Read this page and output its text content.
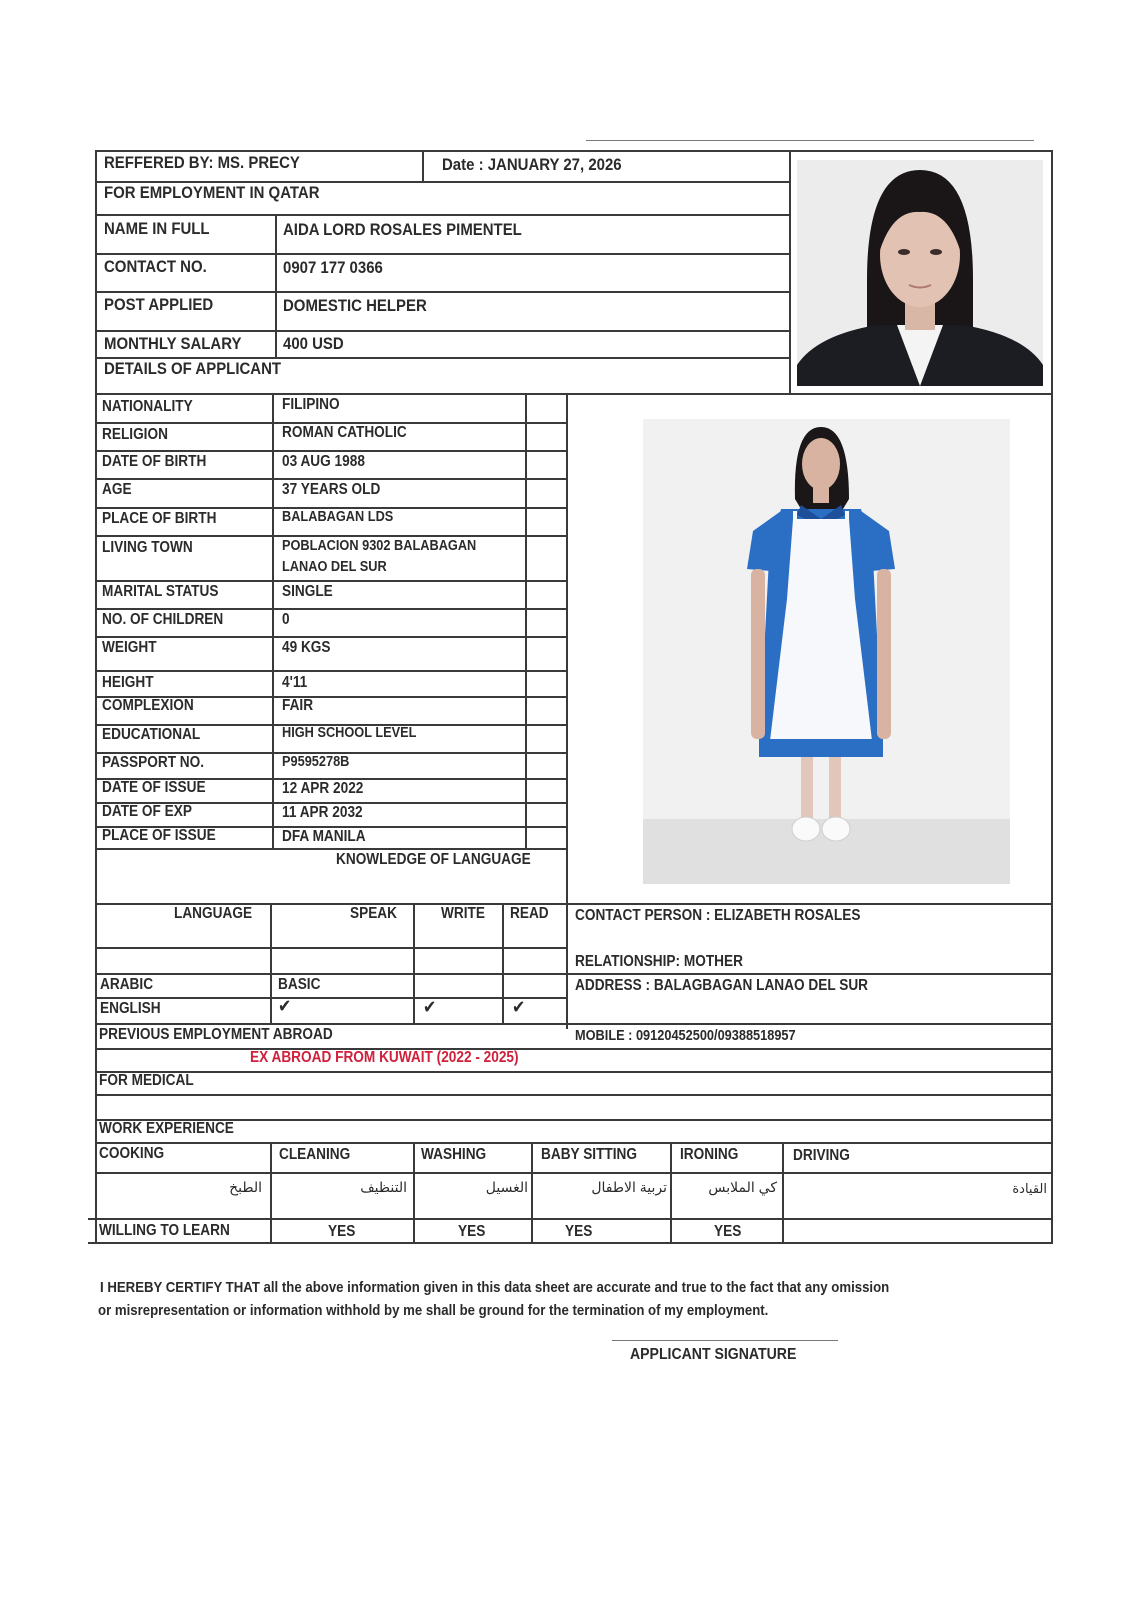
REFFERED BY: MS. PRECY	Date : JANUARY 27, 2026
FOR EMPLOYMENT IN QATAR
NAME IN FULL	AIDA LORD ROSALES PIMENTEL
CONTACT NO.	0907 177 0366
POST APPLIED	DOMESTIC HELPER
MONTHLY SALARY 400 USD
DETAILS OF APPLICANT
NATIONALITY	FILIPINO
RELIGION	ROMAN CATHOLIC
DATE OF BIRTH	03 AUG 1988
AGE	37 YEARS OLD
PLACE OF BIRTH	BALABAGAN LDS
LIVING TOWN	POBLACION 9302 BALABAGAN
LANAO DEL SUR
MARITAL STATUS	SINGLE
NO. OF CHILDREN	0
WEIGHT	49 KGS
HEIGHT	4'11
COMPLEXION	FAIR
EDUCATIONAL	HIGH SCHOOL LEVEL
PASSPORT NO.	P9595278B
DATE OF ISSUE	12 APR 2022
DATE OF EXP	11 APR 2032
PLACE OF ISSUE	DFA MANILA
KNOWLEDGE OF LANGUAGE
LANGUAGE	SPEAK	WRITE READ
ARABIC	BASIC
ENGLISH	✔	✔	✔
CONTACT PERSON : ELIZABETH ROSALES
RELATIONSHIP: MOTHER
ADDRESS : BALAGBAGAN LANAO DEL SUR
MOBILE : 09120452500/09388518957
PREVIOUS EMPLOYMENT ABROAD
EX ABROAD FROM KUWAIT (2022 - 2025)
FOR MEDICAL
WORK EXPERIENCE
COOKING	CLEANING	WASHING	BABY SITTING	IRONING	DRIVING
الطبخ	التنظيف	الغسيل	تربية الاطفال	كي الملابس	القيادة
WILLING TO LEARN	YES	YES	YES	YES
I HEREBY CERTIFY THAT all the above information given in this data sheet are accurate and true to the fact that any omission
or misrepresentation or information withhold by me shall be ground for the termination of my employment.
APPLICANT SIGNATURE
